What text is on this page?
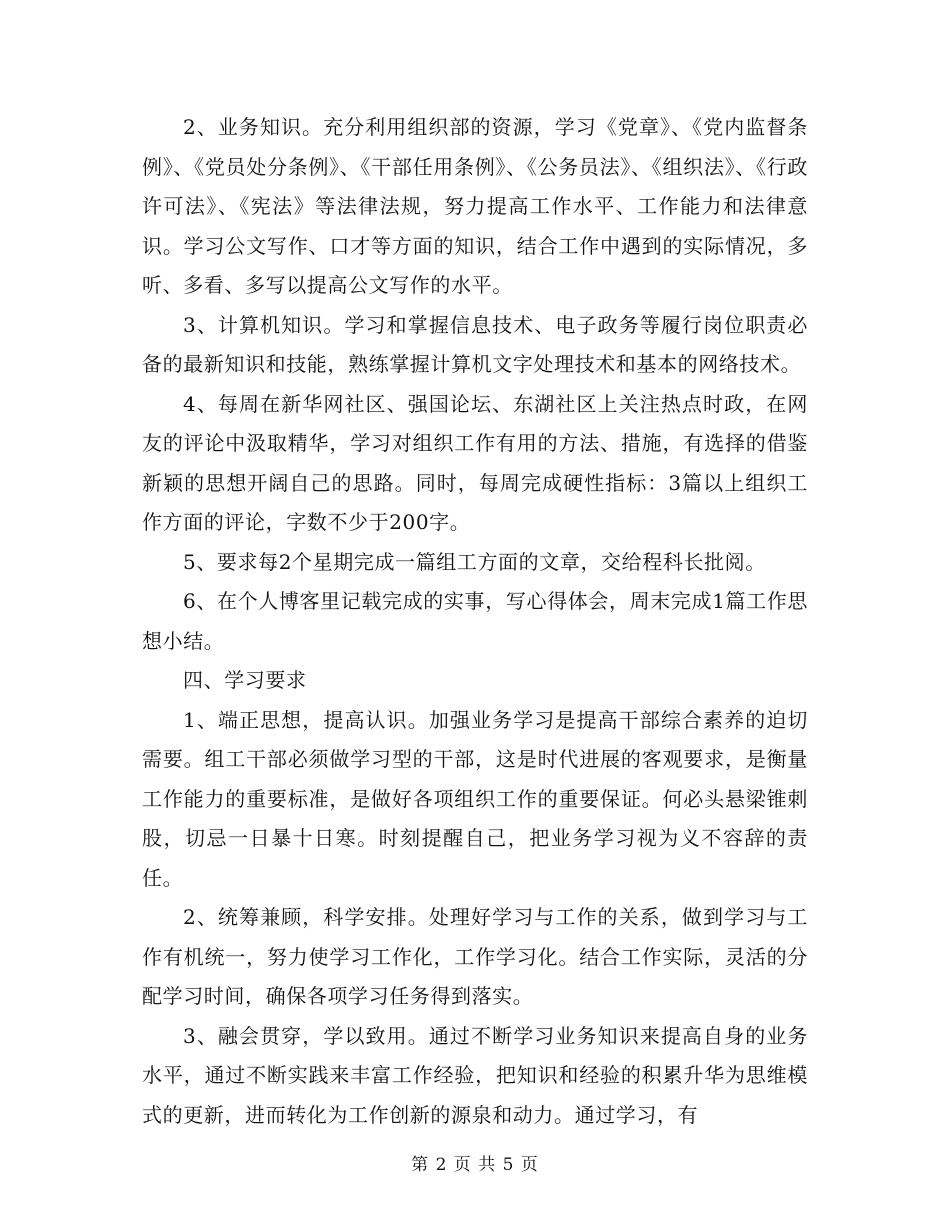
2、业务知识。充分利用组织部的资源，学习《党章》、《党内监督条例》、《党员处分条例》、《干部任用条例》、《公务员法》、《组织法》、《行政许可法》、《宪法》等法律法规，努力提高工作水平、工作能力和法律意识。学习公文写作、口才等方面的知识，结合工作中遇到的实际情况，多听、多看、多写以提高公文写作的水平。

3、计算机知识。学习和掌握信息技术、电子政务等履行岗位职责必备的最新知识和技能，熟练掌握计算机文字处理技术和基本的网络技术。

4、每周在新华网社区、强国论坛、东湖社区上关注热点时政，在网友的评论中汲取精华，学习对组织工作有用的方法、措施，有选择的借鉴新颖的思想开阔自己的思路。同时，每周完成硬性指标：3篇以上组织工作方面的评论，字数不少于200字。

5、要求每2个星期完成一篇组工方面的文章，交给程科长批阅。

6、在个人博客里记载完成的实事，写心得体会，周末完成1篇工作思想小结。

四、学习要求

1、端正思想，提高认识。加强业务学习是提高干部综合素养的迫切需要。组工干部必须做学习型的干部，这是时代进展的客观要求，是衡量工作能力的重要标准，是做好各项组织工作的重要保证。何必头悬梁锥刺股，切忌一日暴十日寒。时刻提醒自己，把业务学习视为义不容辞的责任。

2、统筹兼顾，科学安排。处理好学习与工作的关系，做到学习与工作有机统一，努力使学习工作化，工作学习化。结合工作实际，灵活的分配学习时间，确保各项学习任务得到落实。

3、融会贯穿，学以致用。通过不断学习业务知识来提高自身的业务水平，通过不断实践来丰富工作经验，把知识和经验的积累升华为思维模式的更新，进而转化为工作创新的源泉和动力。通过学习，有

第 2 页 共 5 页
